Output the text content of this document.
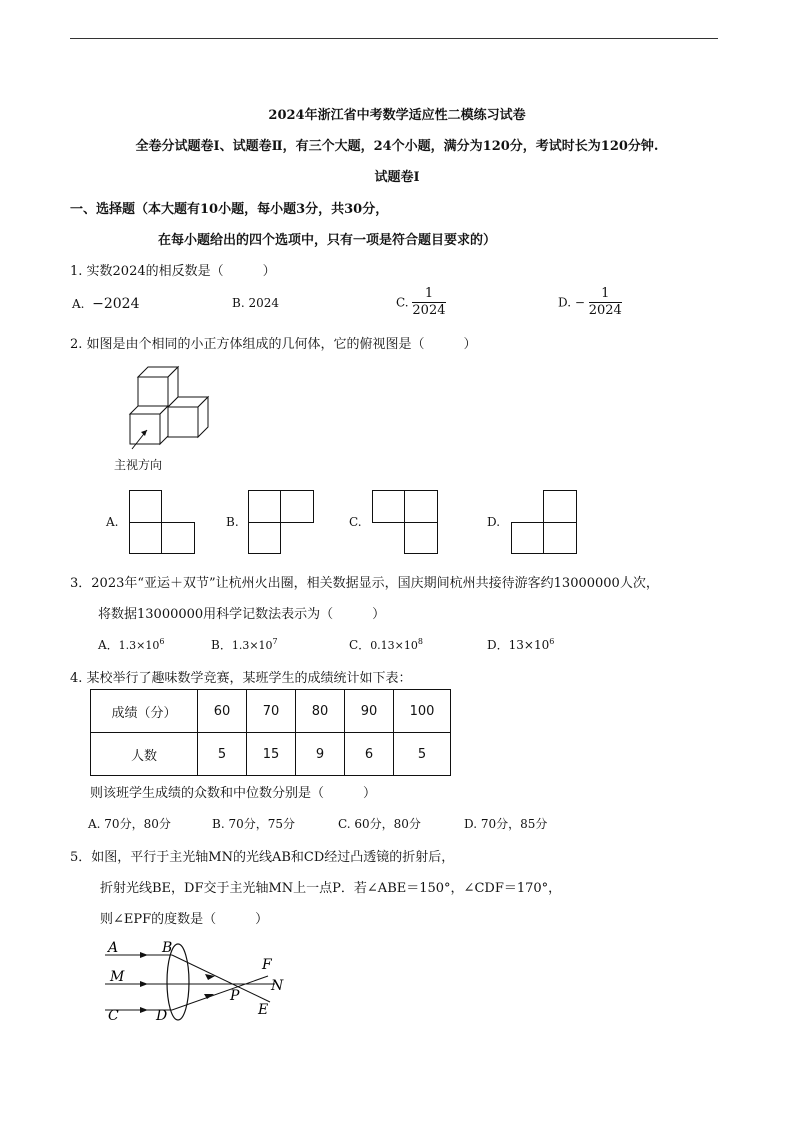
2024年浙江省中考数学适应性二模练习试卷
全卷分试题卷Ⅰ、试题卷Ⅱ，有三个大题，24个小题，满分为120分，考试时长为120分钟.
试题卷Ⅰ
一、选择题（本大题有10小题，每小题3分，共30分，
在每小题给出的四个选项中，只有一项是符合题目要求的）
1. 实数2024的相反数是（　　　）
A. −2024	B. 2024	C. $\frac{1}{2024}$	D. − $\frac{1}{2024}$
2. 如图是由个相同的小正方体组成的几何体，它的俯视图是（　　　）
主视方向
A.	B.	C.	D.
3．2023年“亚运＋双节”让杭州火出圈，相关数据显示，国庆期间杭州共接待游客约13000000人次，
将数据13000000用科学记数法表示为（　　　）
A．$1.3\times 10^6$	B．$1.3\times 10^7$	C．$0.13\times 10^8$	D．$13\times 10^6$
4. 某校举行了趣味数学竞赛，某班学生的成绩统计如下表：
成绩（分）	60	70	80	90	100
人数	5	15	9	6	5
则该班学生成绩的众数和中位数分别是（　　　）
A. 70分，80分	B. 70分，75分	C. 60分，80分	D. 70分，85分
5．如图，平行于主光轴MN的光线AB和CD经过凸透镜的折射后，
折射光线BE，DF交于主光轴MN上一点P．若∠ABE＝150°，∠CDF＝170°，
则∠EPF的度数是（　　　）
A	B
M
C	D
P
F
N
E
